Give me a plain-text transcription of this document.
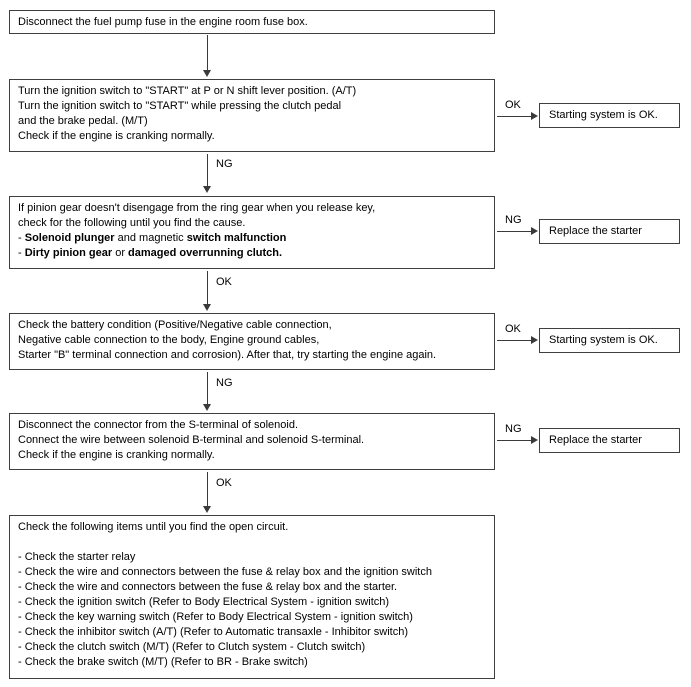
Disconnect the fuel pump fuse in the engine room fuse box.
Turn the ignition switch to "START" at P or N shift lever position. (A/T)
Turn the ignition switch to "START" while pressing the clutch pedal
and the brake pedal. (M/T)
Check if the engine is cranking normally.
OK
Starting system is OK.
NG
If pinion gear doesn't disengage from the ring gear when you release key,
check for the following until you find the cause.
- Solenoid plunger and magnetic switch malfunction
- Dirty pinion gear or damaged overrunning clutch.
NG
Replace the starter
OK
Check the battery condition (Positive/Negative cable connection,
Negative cable connection to the body, Engine ground cables,
Starter "B" terminal connection and corrosion). After that, try starting the engine again.
OK
Starting system is OK.
NG
Disconnect the connector from the S-terminal of solenoid.
Connect the wire between solenoid B-terminal and solenoid S-terminal.
Check if the engine is cranking normally.
NG
Replace the starter
OK
Check the following items until you find the open circuit.
- Check the starter relay
- Check the wire and connectors between the fuse & relay box and the ignition switch
- Check the wire and connectors between the fuse & relay box and the starter.
- Check the ignition switch (Refer to Body Electrical System - ignition switch)
- Check the key warning switch (Refer to Body Electrical System - ignition switch)
- Check the inhibitor switch (A/T) (Refer to Automatic transaxle - Inhibitor switch)
- Check the clutch switch (M/T) (Refer to Clutch system - Clutch switch)
- Check the brake switch (M/T) (Refer to BR - Brake switch)
